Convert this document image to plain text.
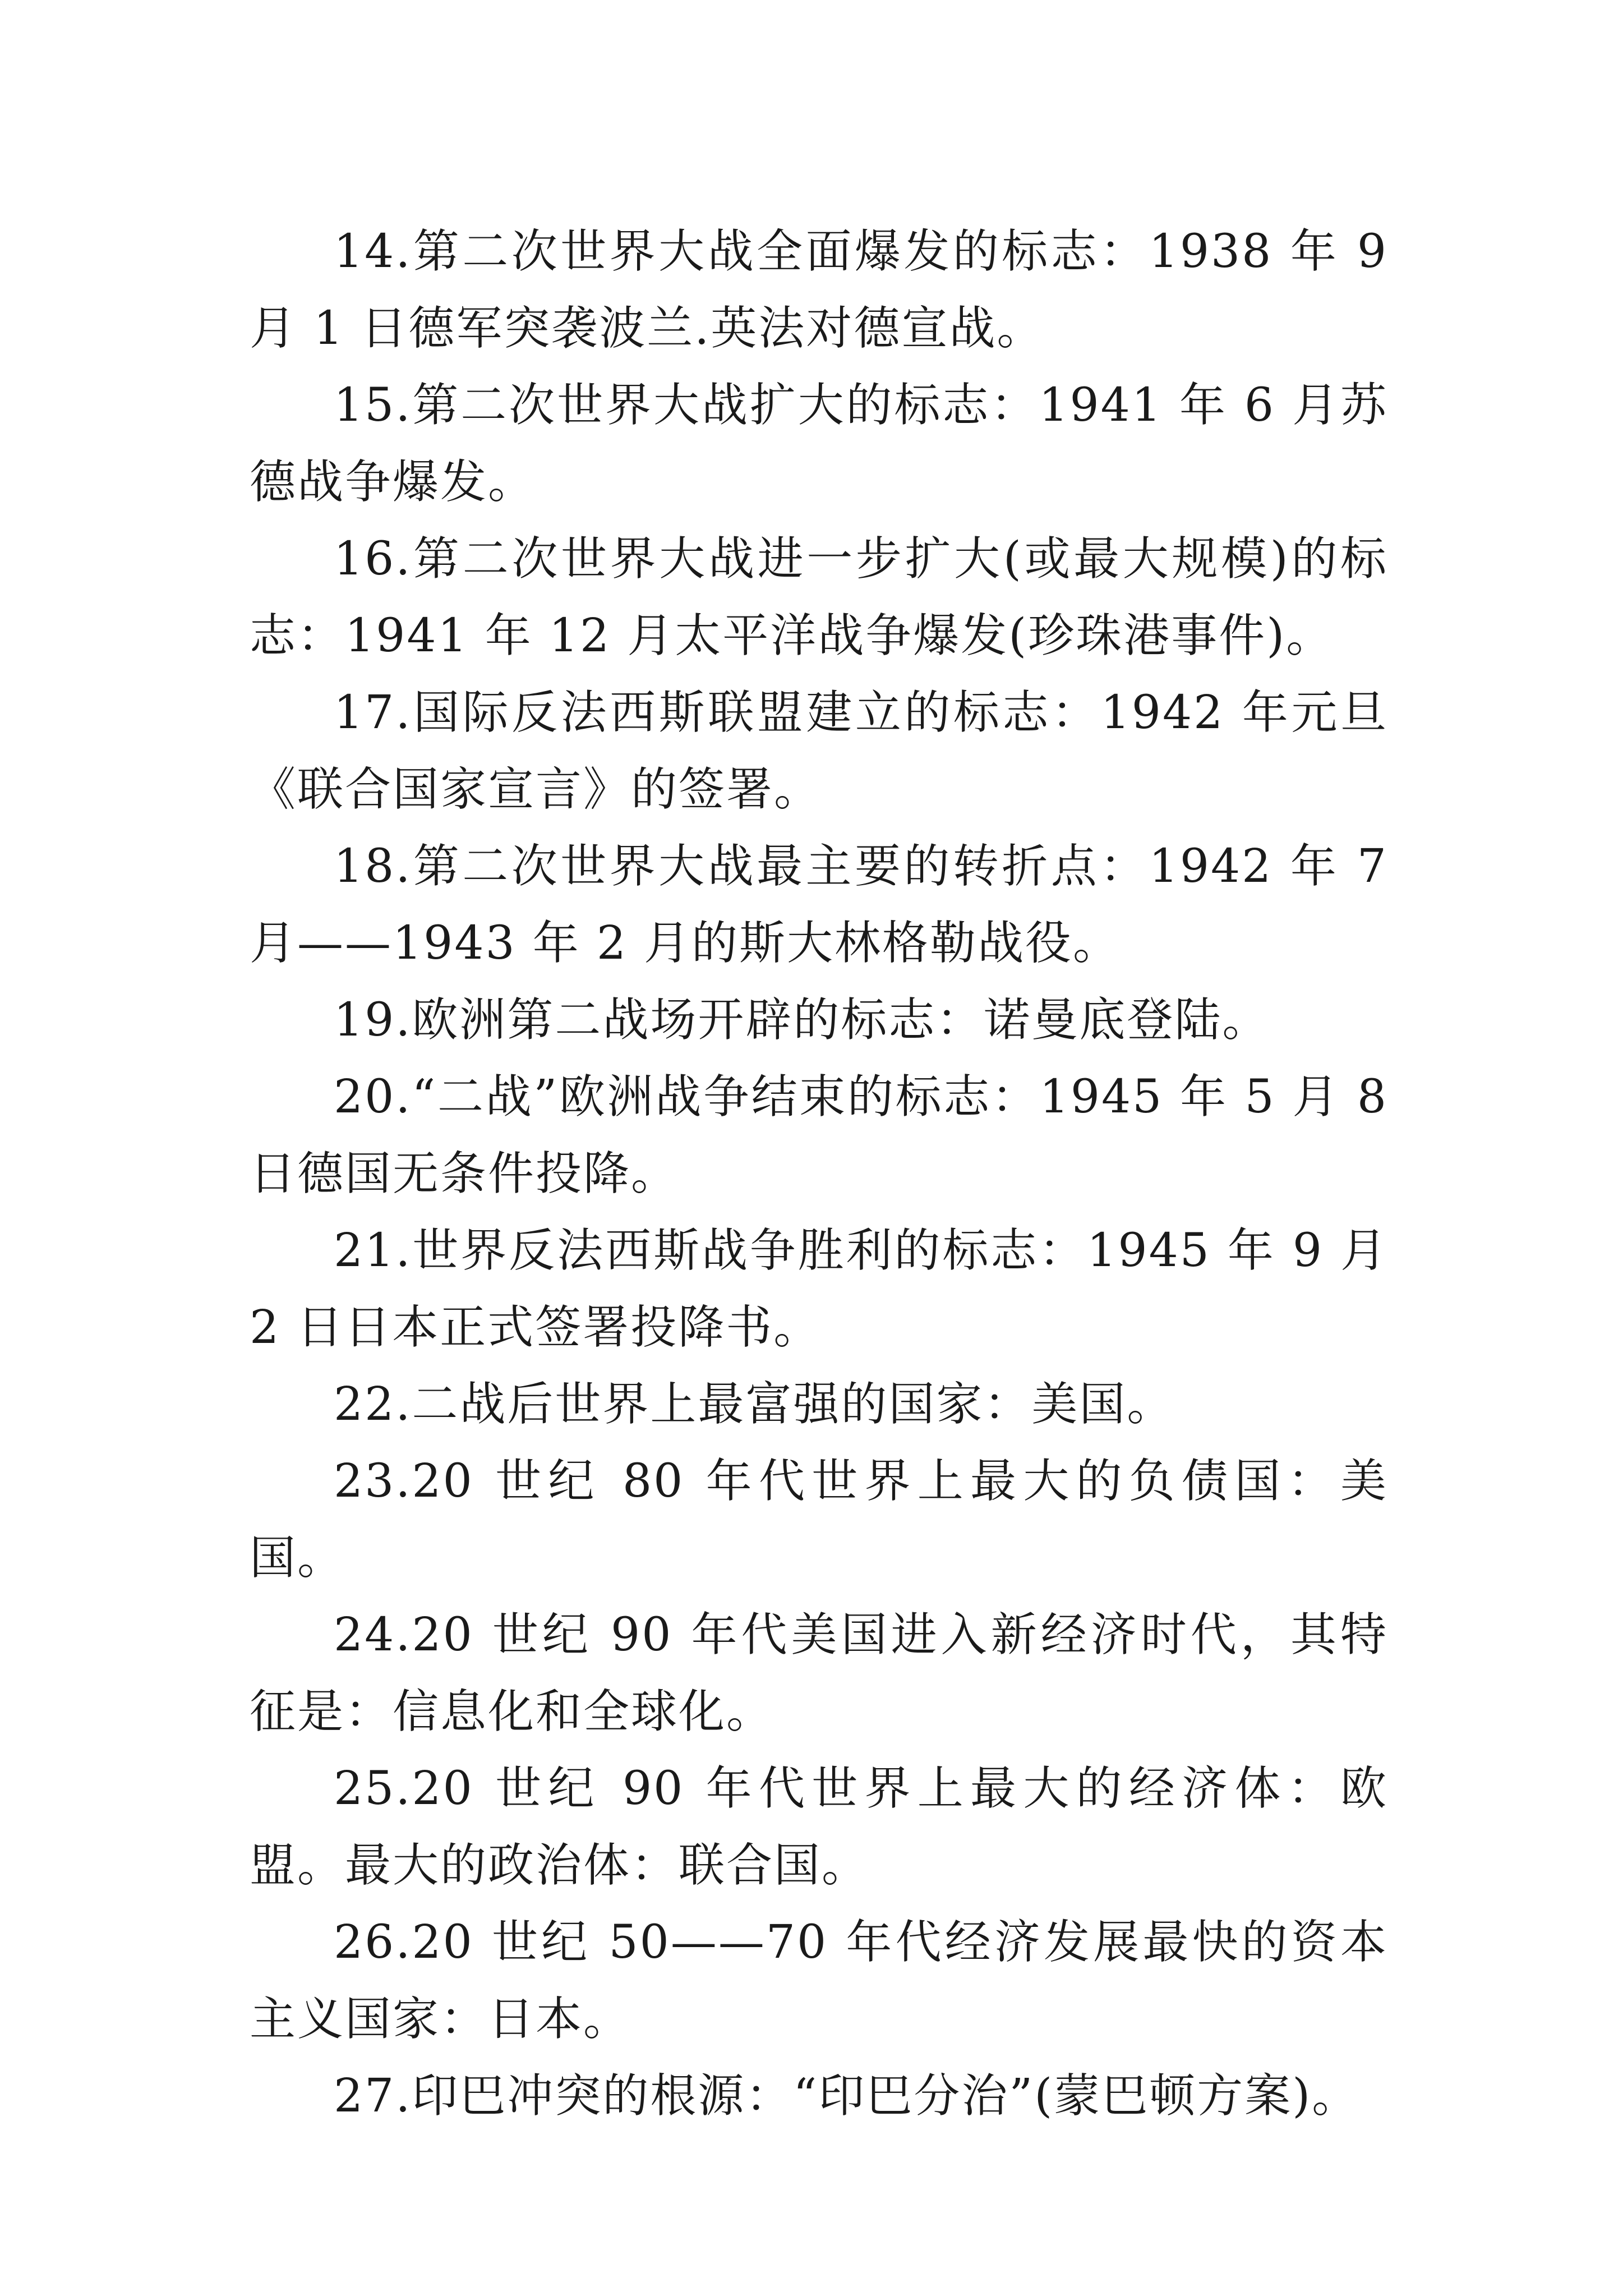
14.第二次世界大战全面爆发的标志：1938 年 9 月 1 日德军突袭波兰.英法对德宣战。

15.第二次世界大战扩大的标志：1941 年 6 月苏德战争爆发。

16.第二次世界大战进一步扩大(或最大规模)的标志：1941 年 12 月太平洋战争爆发(珍珠港事件)。

17.国际反法西斯联盟建立的标志：1942 年元旦《联合国家宣言》的签署。

18.第二次世界大战最主要的转折点：1942 年 7 月——1943 年 2 月的斯大林格勒战役。

19.欧洲第二战场开辟的标志：诺曼底登陆。

20.“二战”欧洲战争结束的标志：1945 年 5 月 8 日德国无条件投降。

21.世界反法西斯战争胜利的标志：1945 年 9 月 2 日日本正式签署投降书。

22.二战后世界上最富强的国家：美国。

23.20 世纪 80 年代世界上最大的负债国：美国。

24.20 世纪 90 年代美国进入新经济时代，其特征是：信息化和全球化。

25.20 世纪 90 年代世界上最大的经济体：欧盟。最大的政治体：联合国。

26.20 世纪 50——70 年代经济发展最快的资本主义国家：日本。

27.印巴冲突的根源：“印巴分治”(蒙巴顿方案)。
